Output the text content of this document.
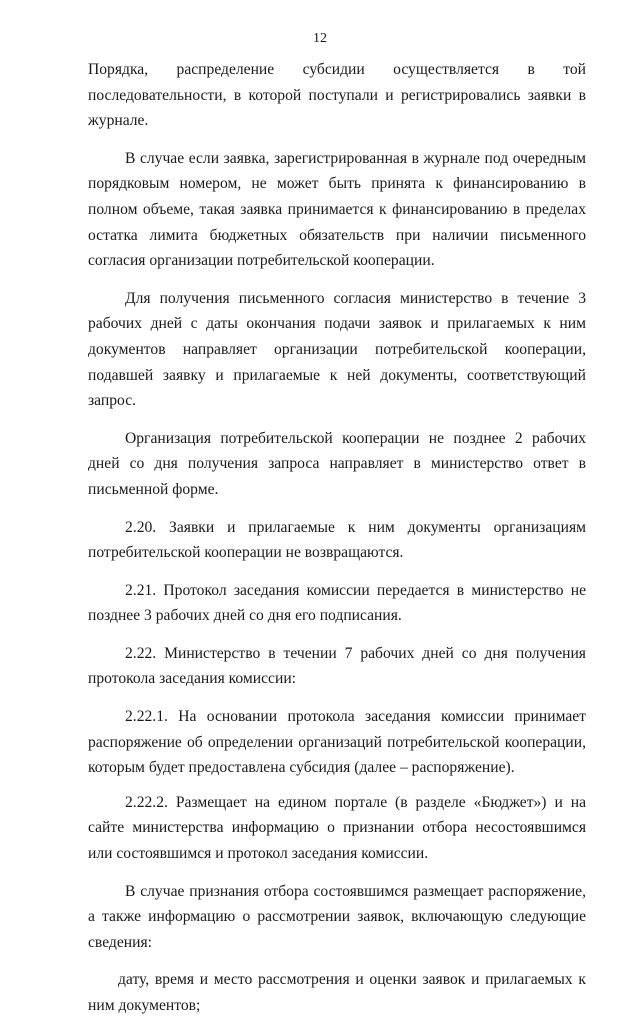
12

Порядка, распределение субсидии осуществляется в той последовательности, в которой поступали и регистрировались заявки в журнале.

В случае если заявка, зарегистрированная в журнале под очередным порядковым номером, не может быть принята к финансированию в полном объеме, такая заявка принимается к финансированию в пределах остатка лимита бюджетных обязательств при наличии письменного согласия организации потребительской кооперации.

Для получения письменного согласия министерство в течение 3 рабочих дней с даты окончания подачи заявок и прилагаемых к ним документов направляет организации потребительской кооперации, подавшей заявку и прилагаемые к ней документы, соответствующий запрос.

Организация потребительской кооперации не позднее 2 рабочих дней со дня получения запроса направляет в министерство ответ в письменной форме.

2.20. Заявки и прилагаемые к ним документы организациям потребительской кооперации не возвращаются.

2.21. Протокол заседания комиссии передается в министерство не позднее 3 рабочих дней со дня его подписания.

2.22. Министерство в течении 7 рабочих дней со дня получения протокола заседания комиссии:

2.22.1. На основании протокола заседания комиссии принимает распоряжение об определении организаций потребительской кооперации, которым будет предоставлена субсидия (далее – распоряжение).

2.22.2. Размещает на едином портале (в разделе «Бюджет») и на сайте министерства информацию о признании отбора несостоявшимся или состоявшимся и протокол заседания комиссии.

В случае признания отбора состоявшимся размещает распоряжение, а также информацию о рассмотрении заявок, включающую следующие сведения:

дату, время и место рассмотрения и оценки заявок и прилагаемых к ним документов;
